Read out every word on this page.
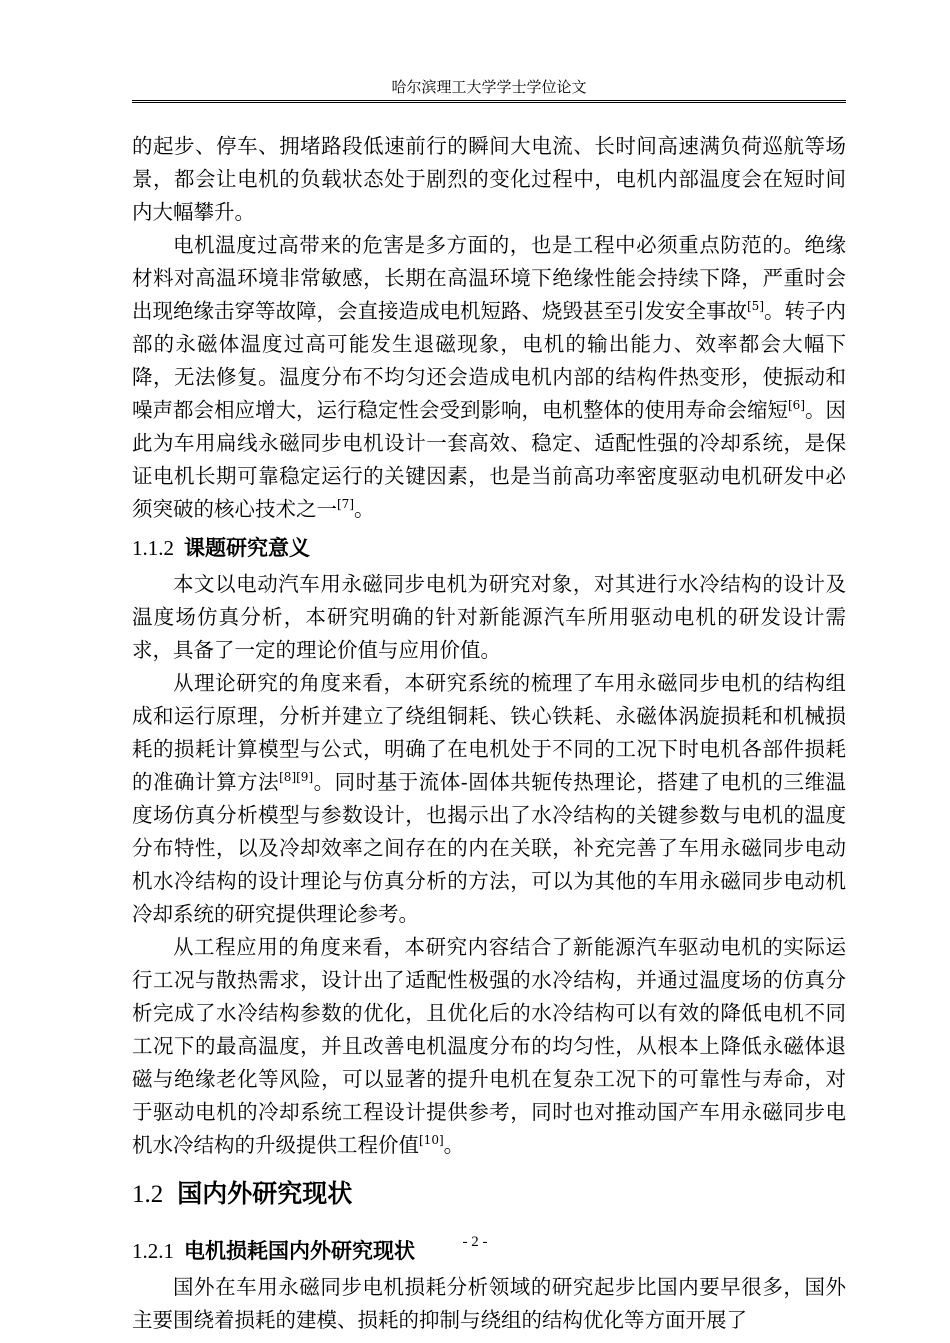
哈尔滨理工大学学士学位论文

的起步、停车、拥堵路段低速前行的瞬间大电流、长时间高速满负荷巡航等场景，都会让电机的负载状态处于剧烈的变化过程中，电机内部温度会在短时间内大幅攀升。

电机温度过高带来的危害是多方面的，也是工程中必须重点防范的。绝缘材料对高温环境非常敏感，长期在高温环境下绝缘性能会持续下降，严重时会出现绝缘击穿等故障，会直接造成电机短路、烧毁甚至引发安全事故[5]。转子内部的永磁体温度过高可能发生退磁现象，电机的输出能力、效率都会大幅下降，无法修复。温度分布不均匀还会造成电机内部的结构件热变形，使振动和噪声都会相应增大，运行稳定性会受到影响，电机整体的使用寿命会缩短[6]。因此为车用扁线永磁同步电机设计一套高效、稳定、适配性强的冷却系统，是保证电机长期可靠稳定运行的关键因素，也是当前高功率密度驱动电机研发中必须突破的核心技术之一[7]。

1.1.2 课题研究意义

本文以电动汽车用永磁同步电机为研究对象，对其进行水冷结构的设计及温度场仿真分析，本研究明确的针对新能源汽车所用驱动电机的研发设计需求，具备了一定的理论价值与应用价值。

从理论研究的角度来看，本研究系统的梳理了车用永磁同步电机的结构组成和运行原理，分析并建立了绕组铜耗、铁心铁耗、永磁体涡旋损耗和机械损耗的损耗计算模型与公式，明确了在电机处于不同的工况下时电机各部件损耗的准确计算方法[8][9]。同时基于流体-固体共轭传热理论，搭建了电机的三维温度场仿真分析模型与参数设计，也揭示出了水冷结构的关键参数与电机的温度分布特性，以及冷却效率之间存在的内在关联，补充完善了车用永磁同步电动机水冷结构的设计理论与仿真分析的方法，可以为其他的车用永磁同步电动机冷却系统的研究提供理论参考。

从工程应用的角度来看，本研究内容结合了新能源汽车驱动电机的实际运行工况与散热需求，设计出了适配性极强的水冷结构，并通过温度场的仿真分析完成了水冷结构参数的优化，且优化后的水冷结构可以有效的降低电机不同工况下的最高温度，并且改善电机温度分布的均匀性，从根本上降低永磁体退磁与绝缘老化等风险，可以显著的提升电机在复杂工况下的可靠性与寿命，对于驱动电机的冷却系统工程设计提供参考，同时也对推动国产车用永磁同步电机水冷结构的升级提供工程价值[10]。

1.2 国内外研究现状
1.2.1 电机损耗国内外研究现状

国外在车用永磁同步电机损耗分析领域的研究起步比国内要早很多，国外主要围绕着损耗的建模、损耗的抑制与绕组的结构优化等方面开展了

- 2 -
